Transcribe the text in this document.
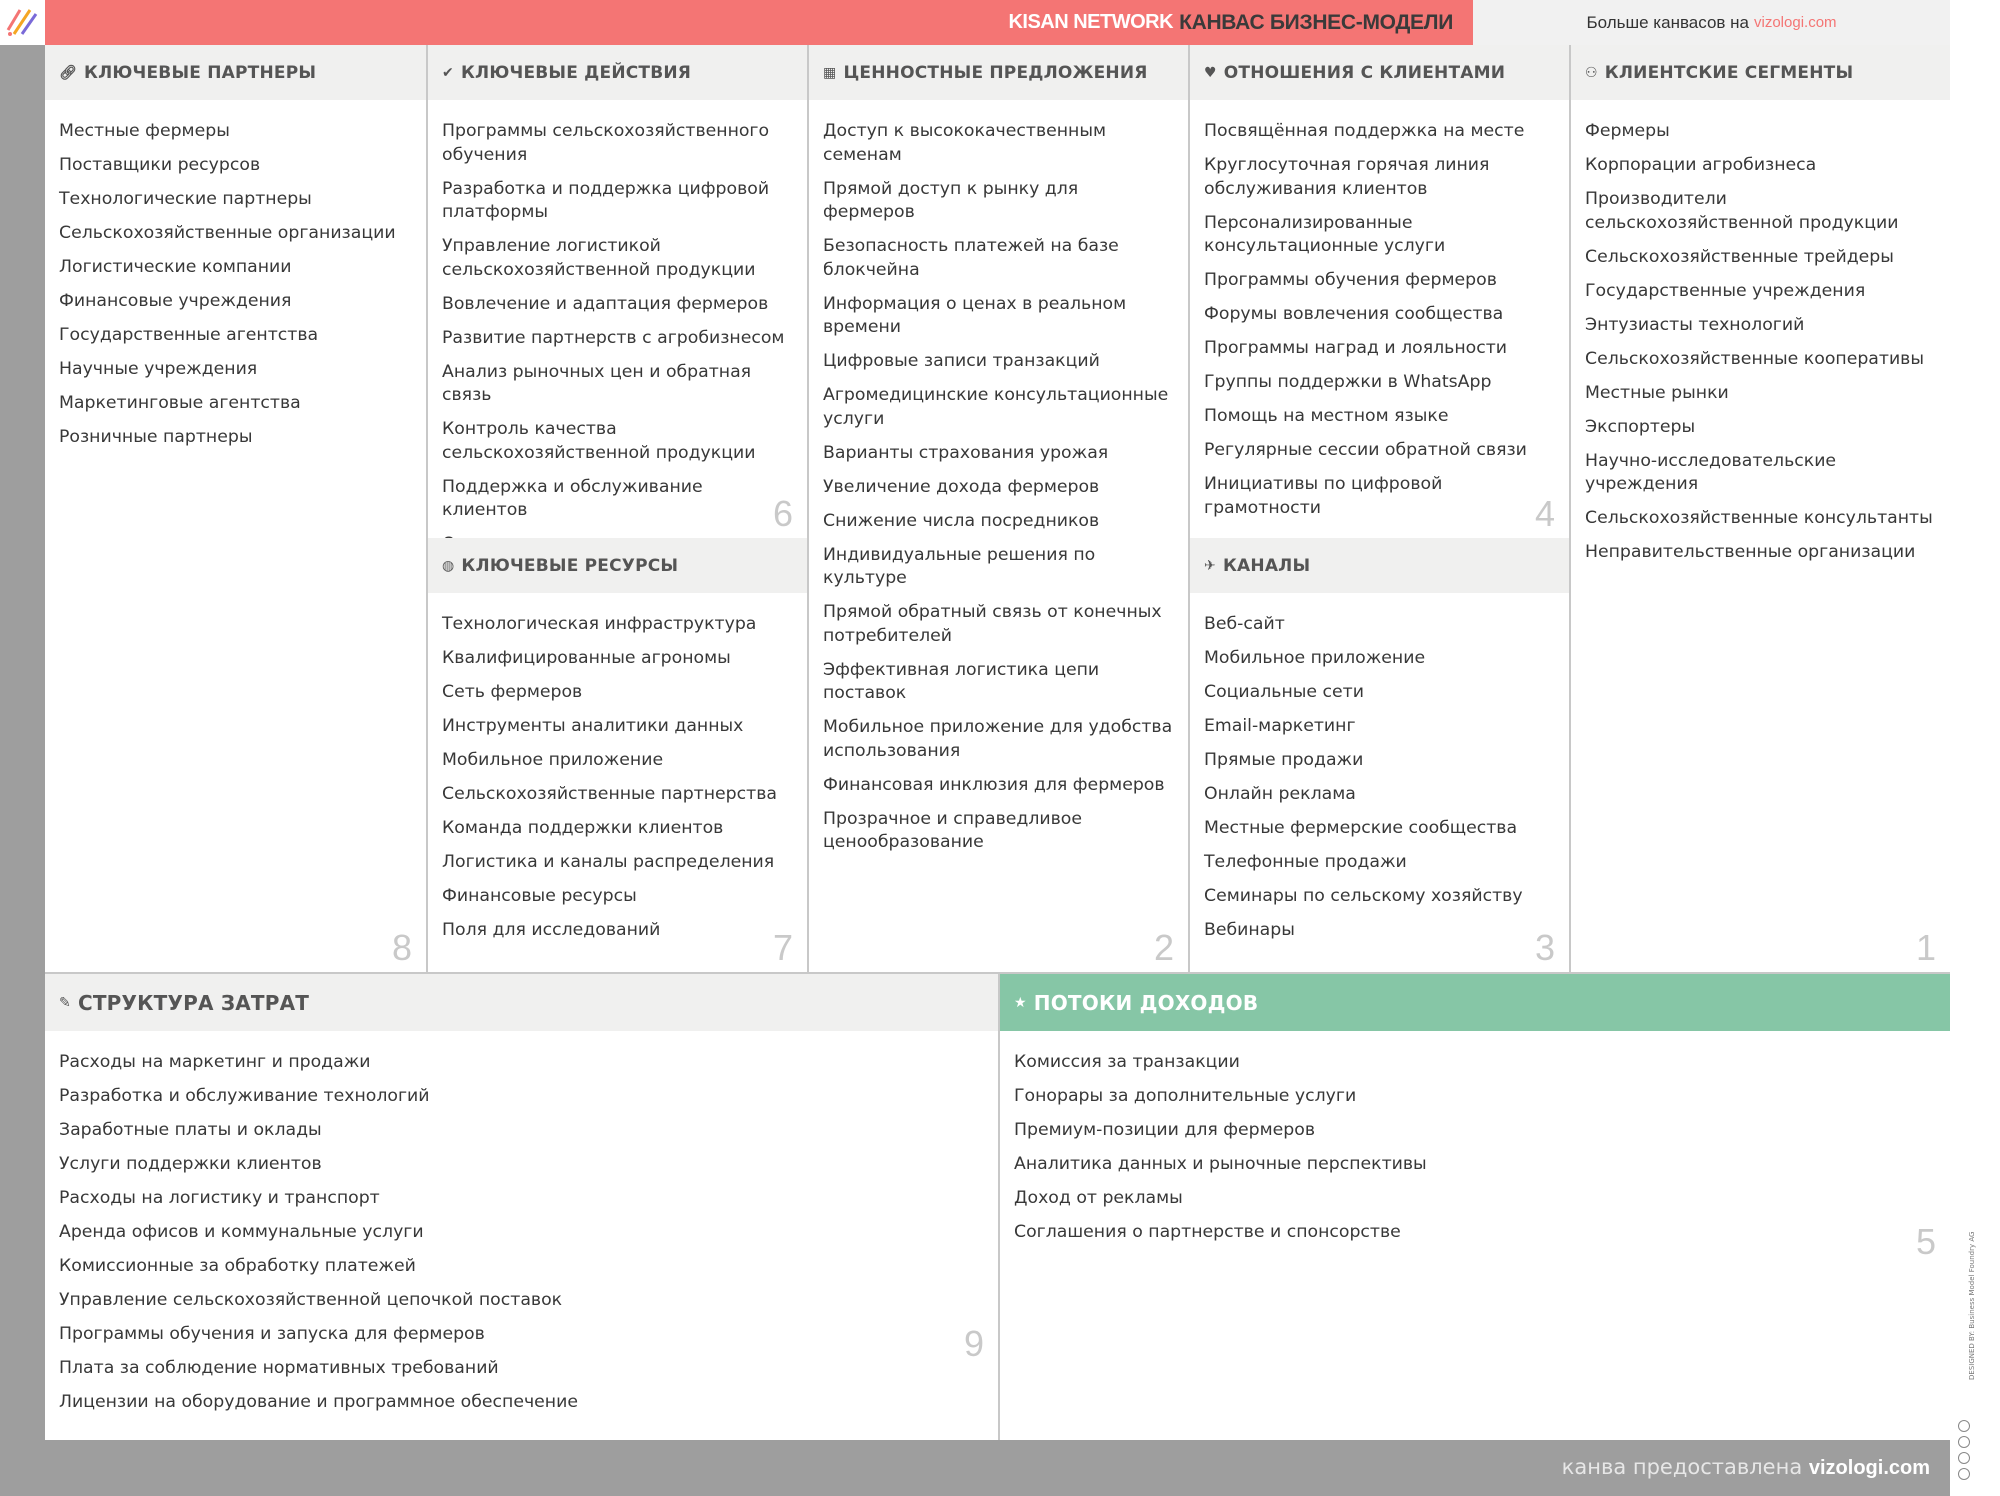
KISAN NETWORK КАНВАС БИЗНЕС-МОДЕЛИ	Больше канвасов на vizologi.com
🔗︎ КЛЮЧЕВЫЕ ПАРТНЕРЫ
Местные фермеры
Поставщики ресурсов
Технологические партнеры
Сельскохозяйственные организации
Логистические компании
Финансовые учреждения
Государственные агентства
Научные учреждения
Маркетинговые агентства
Розничные партнеры
8
✔ КЛЮЧЕВЫЕ ДЕЙСТВИЯ
Программы сельскохозяйственного обучения
Разработка и поддержка цифровой платформы
Управление логистикой сельскохозяйственной продукции
Вовлечение и адаптация фермеров
Развитие партнерств с агробизнесом
Анализ рыночных цен и обратная связь
Контроль качества сельскохозяйственной продукции
Поддержка и обслуживание клиентов	6
◍ КЛЮЧЕВЫЕ РЕСУРСЫ
Технологическая инфраструктура
Квалифицированные агрономы
Сеть фермеров
Инструменты аналитики данных
Мобильное приложение
Сельскохозяйственные партнерства
Команда поддержки клиентов
Логистика и каналы распределения
Финансовые ресурсы
Поля для исследований	7
▦ ЦЕННОСТНЫЕ ПРЕДЛОЖЕНИЯ
Доступ к высококачественным семенам
Прямой доступ к рынку для фермеров
Безопасность платежей на базе блокчейна
Информация о ценах в реальном времени
Цифровые записи транзакций
Агромедицинские консультационные услуги
Варианты страхования урожая
Увеличение дохода фермеров
Снижение числа посредников
Индивидуальные решения по культуре
Прямой обратный связь от конечных потребителей
Эффективная логистика цепи поставок
Мобильное приложение для удобства использования
Финансовая инклюзия для фермеров
Прозрачное и справедливое ценообразование
2
♥ ОТНОШЕНИЯ С КЛИЕНТАМИ
Посвящённая поддержка на месте
Круглосуточная горячая линия обслуживания клиентов
Персонализированные консультационные услуги
Программы обучения фермеров
Форумы вовлечения сообщества
Программы наград и лояльности
Группы поддержки в WhatsApp
Помощь на местном языке
Регулярные сессии обратной связи
Инициативы по цифровой грамотности	4
✈ КАНАЛЫ
Веб-сайт
Мобильное приложение
Социальные сети
Email-маркетинг
Прямые продажи
Онлайн реклама
Местные фермерские сообщества
Телефонные продажи
Семинары по сельскому хозяйству
Вебинары	3
⚇ КЛИЕНТСКИЕ СЕГМЕНТЫ
Фермеры
Корпорации агробизнеса
Производители сельскохозяйственной продукции
Сельскохозяйственные трейдеры
Государственные учреждения
Энтузиасты технологий
Сельскохозяйственные кооперативы
Местные рынки
Экспортеры
Научно-исследовательские учреждения
Сельскохозяйственные консультанты
Неправительственные организации
1
✎ СТРУКТУРА ЗАТРАТ
Расходы на маркетинг и продажи
Разработка и обслуживание технологий
Заработные платы и оклады
Услуги поддержки клиентов
Расходы на логистику и транспорт
Аренда офисов и коммунальные услуги
Комиссионные за обработку платежей
Управление сельскохозяйственной цепочкой поставок
Программы обучения и запуска для фермеров
Плата за соблюдение нормативных требований
Лицензии на оборудование и программное обеспечение
9
★ ПОТОКИ ДОХОДОВ
Комиссия за транзакции
Гонорары за дополнительные услуги
Премиум-позиции для фермеров
Аналитика данных и рыночные перспективы
Доход от рекламы
Соглашения о партнерстве и спонсорстве	5	DESIGNED BY: Business Model Foundry AG
канва предоставлена vizologi.com
